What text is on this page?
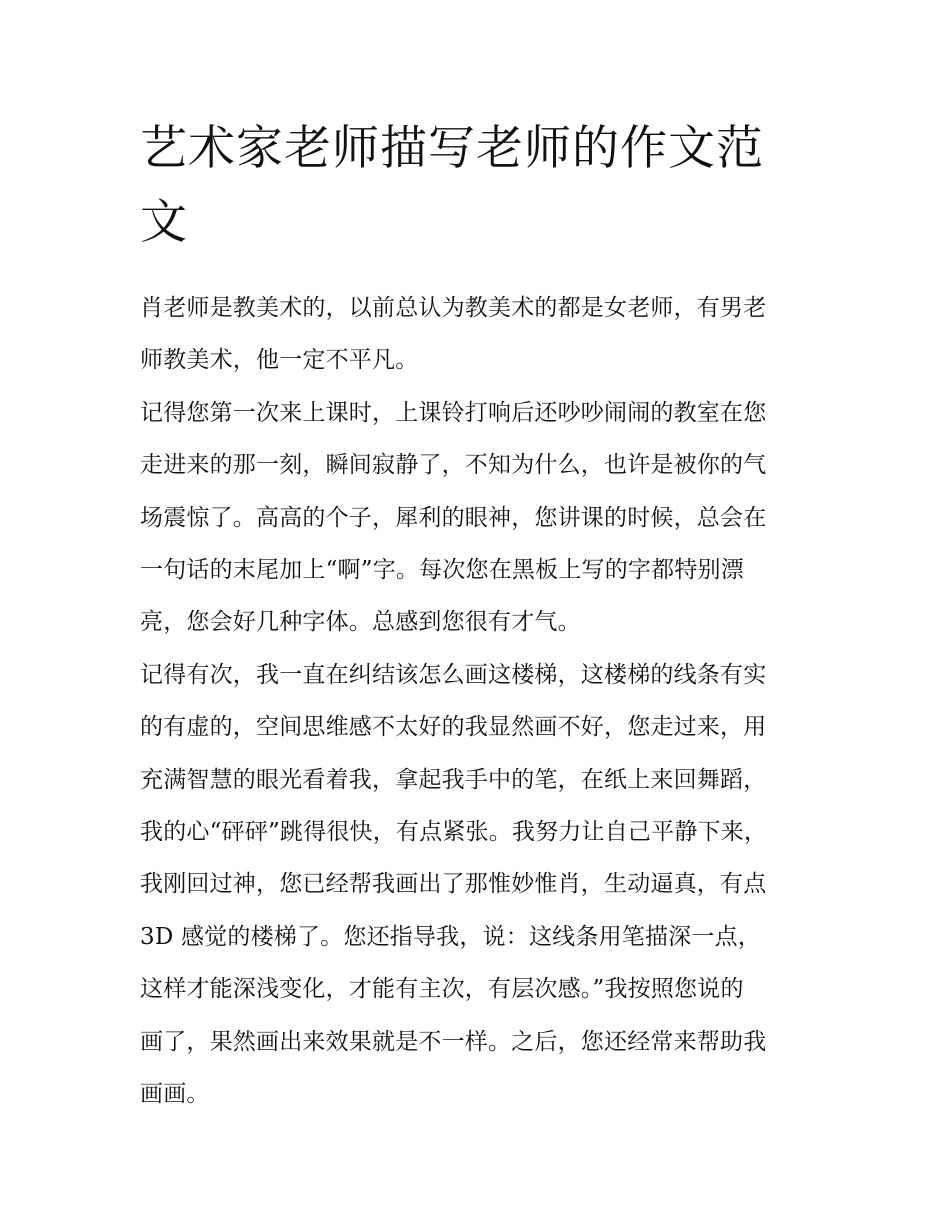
艺术家老师描写老师的作文范文

肖老师是教美术的，以前总认为教美术的都是女老师，有男老
师教美术，他一定不平凡。

记得您第一次来上课时，上课铃打响后还吵吵闹闹的教室在您
走进来的那一刻，瞬间寂静了，不知为什么，也许是被你的气
场震惊了。高高的个子，犀利的眼神，您讲课的时候，总会在
一句话的末尾加上“啊”字。每次您在黑板上写的字都特别漂
亮，您会好几种字体。总感到您很有才气。

记得有次，我一直在纠结该怎么画这楼梯，这楼梯的线条有实
的有虚的，空间思维感不太好的我显然画不好，您走过来，用
充满智慧的眼光看着我，拿起我手中的笔，在纸上来回舞蹈，
我的心“砰砰”跳得很快，有点紧张。我努力让自己平静下来，
我刚回过神，您已经帮我画出了那惟妙惟肖，生动逼真，有点
3D 感觉的楼梯了。您还指导我，说：这线条用笔描深一点，
这样才能深浅变化，才能有主次，有层次感。”我按照您说的
画了，果然画出来效果就是不一样。之后，您还经常来帮助我
画画。
